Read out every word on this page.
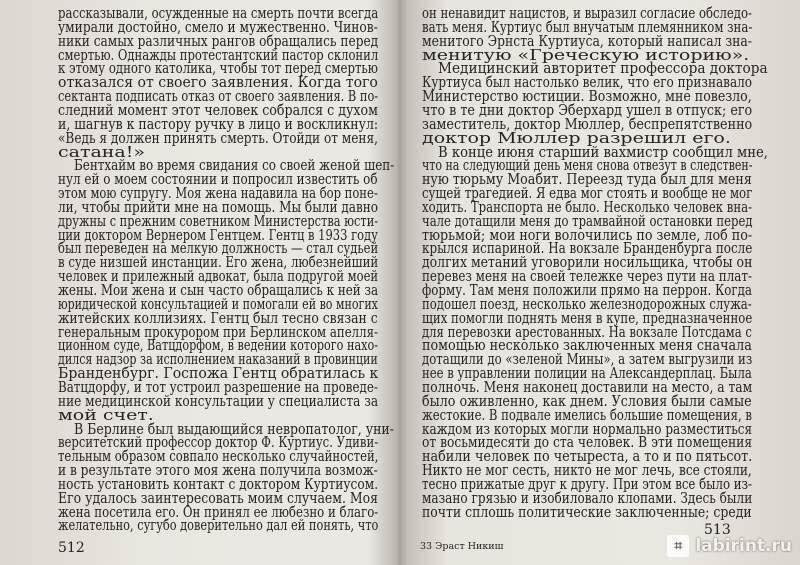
рассказывали, осужденные на смерть почти всегда
умирали достойно, смело и мужественно. Чинов-
ники самых различных рангов обращались перед
смертью. Однажды протестантский пастор склонил
к этому одного католика, чтобы тот перед смертью
отказался от своего заявления. Когда того
сектанта подписать отказ от своего заявления. В по-
следний момент этот человек собрался с духом
и, шагнув к пастору ручку в лицо и воскликнул:
«Ведь я должен принять смерть. Отойди от меня,
сатана!»
Бентхайм во время свидания со своей женой шеп-
нул ей о моем состоянии и попросил известить об
этом мою супругу. Моя жена надавила на бор поне-
ли, чтобы прийти мне на помощь. Мы были давно
дружны с прежним советником Министерства юсти-
ции доктором Вернером Гентцем. Гентц в 1933 году
был переведен на мелкую должность — стал судьей
в суде низшей инстанции. Его жена, любезнейший
человек и прилежный адвокат, была подругой моей
жены. Мои жена и сын часто обращались к ней за
юридической консультацией и помогали ей во многих
житейских коллизиях. Гентц был тесно связан с
генеральным прокурором при Берлинском апелля-
ционном суде, Ватцдорфом, в ведении которого нахо-
дился надзор за исполнением наказаний в провинции
Бранденбург. Госпожа Гентц обратилась к
Ватцдорфу, и тот устроил разрешение на проведе-
ние медицинской консультации у специалиста за
мой счет.
В Берлине был выдающийся невропатолог, уни-
верситетский профессор доктор Ф. Куртиус. Удиви-
тельным образом совпало несколько случайностей,
и в результате этого моя жена получила возмож-
ность установить контакт с доктором Куртиусом.
Его удалось заинтересовать моим случаем. Моя
жена посетила его. Он принял ее любезно и благо-
желательно, сугубо доверительно дал ей понять, что
512
он ненавидит нацистов, и выразил согласие обследо-
вать меня. Куртиус был внучатым племянником зна-
менитого Эрнста Куртиуса, который написал зна-
менитую «Греческую историю».
Медицинский авторитет профессора доктора
Куртиуса был настолько велик, что его признавало
Министерство юстиции. Возможно, мне повезло,
что в те дни доктор Эберхард ушел в отпуск; его
заместитель, доктор Мюллер, беспрепятственно
доктор Мюллер разрешил его.
В конце июня старший вахмистр сообщил мне,
что на следующий день меня снова отвезут в следствен-
ную тюрьму Моабит. Переезд туда был для меня
сущей трагедией. Я едва мог стоять и вообще не мог
ходить. Транспорта не было. Несколько человек вна-
чале дотащили меня до трамвайной остановки перед
тюрьмой; мои ноги волочились по земле, лоб по-
крылся испариной. На вокзале Бранденбурга после
долгих метаний уговорили носильщика, чтобы он
перевез меня на своей тележке через пути на плат-
форму. Там меня положили прямо на перрон. Когда
подошел поезд, несколько железнодорожных служа-
щих помогли поднять меня в купе, предназначенное
для перевозки арестованных. На вокзале Потсдама с
помощью несколько заключенных меня сначала
дотащили до «зеленой Мины», а затем выгрузили из
нее в управлении полиции на Александерплац. Была
полночь. Меня наконец доставили на место, а там
было оживленно, как днем. Условия были самые
жестокие. В подвале имелись большие помещения, в
каждом из которых могли нормально разместиться
от восьмидесяти до ста человек. В эти помещения
набили человек по четыреста, а то и по пятьсот.
Никто не мог сесть, никто не мог лечь, все стояли,
тесно прижатые друг к другу. При этом все было из-
мазано грязью и изобиловало клопами. Здесь были
почти сплошь политические заключенные; среди
513
33 Эраст Никиш	⌗ labirint.ru
